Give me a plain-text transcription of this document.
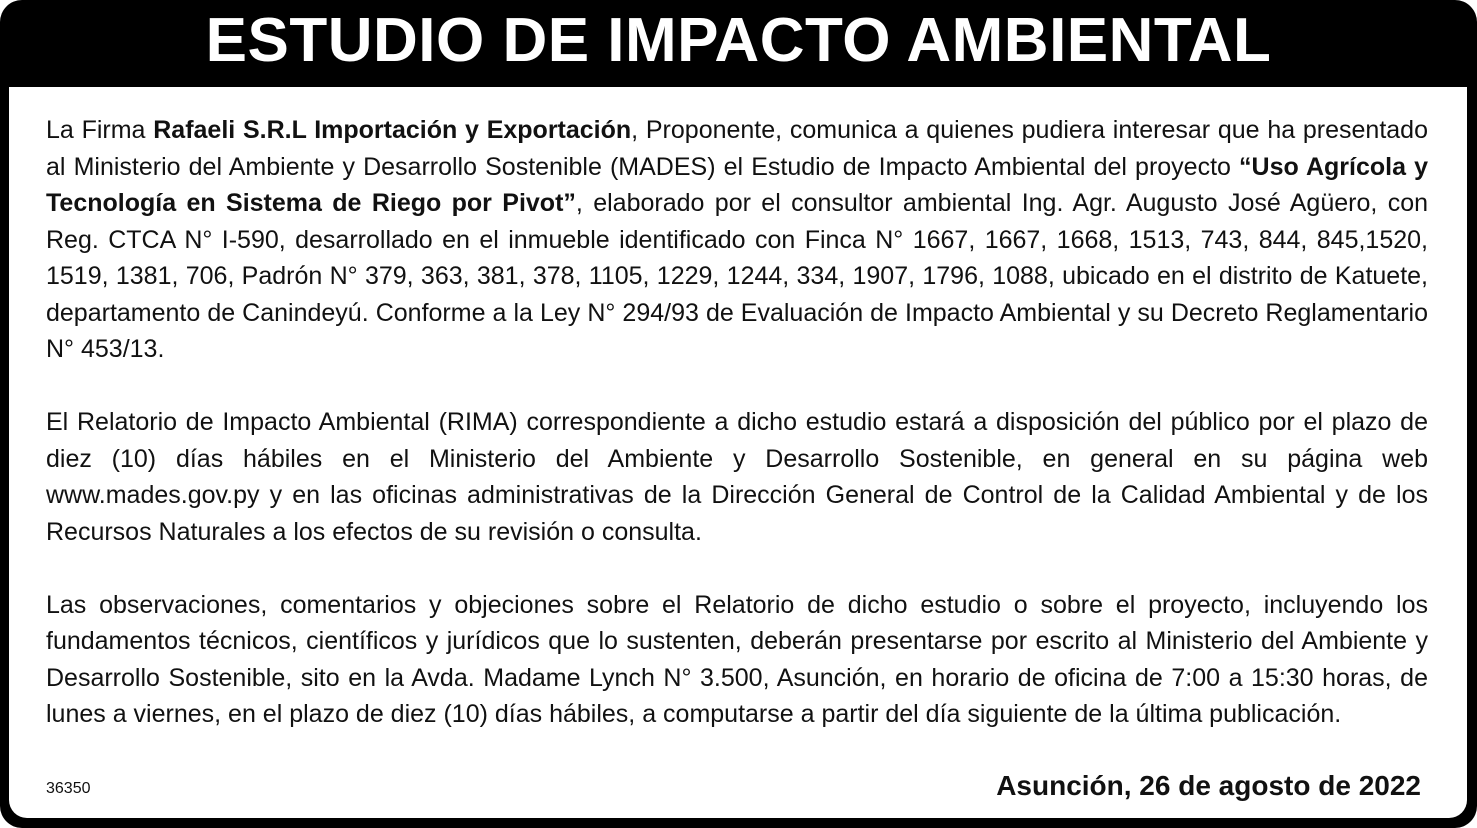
ESTUDIO DE IMPACTO AMBIENTAL

La Firma Rafaeli S.R.L Importación y Exportación, Proponente, comunica a quienes pudiera interesar que ha presentado al Ministerio del Ambiente y Desarrollo Sostenible (MADES) el Estudio de Impacto Ambiental del proyecto “Uso Agrícola y Tecnología en Sistema de Riego por Pivot”, elaborado por el consultor ambiental Ing. Agr. Augusto José Agüero, con Reg. CTCA N° I-590, desarrollado en el inmueble identificado con Finca N° 1667, 1667, 1668, 1513, 743, 844, 845,1520, 1519, 1381, 706, Padrón N° 379, 363, 381, 378, 1105, 1229, 1244, 334, 1907, 1796, 1088, ubicado en el distrito de Katuete, departamento de Canindeyú. Conforme a la Ley N° 294/93 de Evaluación de Impacto Ambiental y su Decreto Reglamentario N° 453/13.

El Relatorio de Impacto Ambiental (RIMA) correspondiente a dicho estudio estará a disposición del público por el plazo de diez (10) días hábiles en el Ministerio del Ambiente y Desarrollo Sostenible, en general en su página web www.mades.gov.py y en las oficinas administrativas de la Dirección General de Control de la Calidad Ambiental y de los Recursos Naturales a los efectos de su revisión o consulta.

Las observaciones, comentarios y objeciones sobre el Relatorio de dicho estudio o sobre el proyecto, incluyendo los fundamentos técnicos, científicos y jurídicos que lo sustenten, deberán presentarse por escrito al Ministerio del Ambiente y Desarrollo Sostenible, sito en la Avda. Madame Lynch N° 3.500, Asunción, en horario de oficina de 7:00 a 15:30 horas, de lunes a viernes, en el plazo de diez (10) días hábiles, a computarse a partir del día siguiente de la última publicación.

36350	Asunción, 26 de agosto de 2022
